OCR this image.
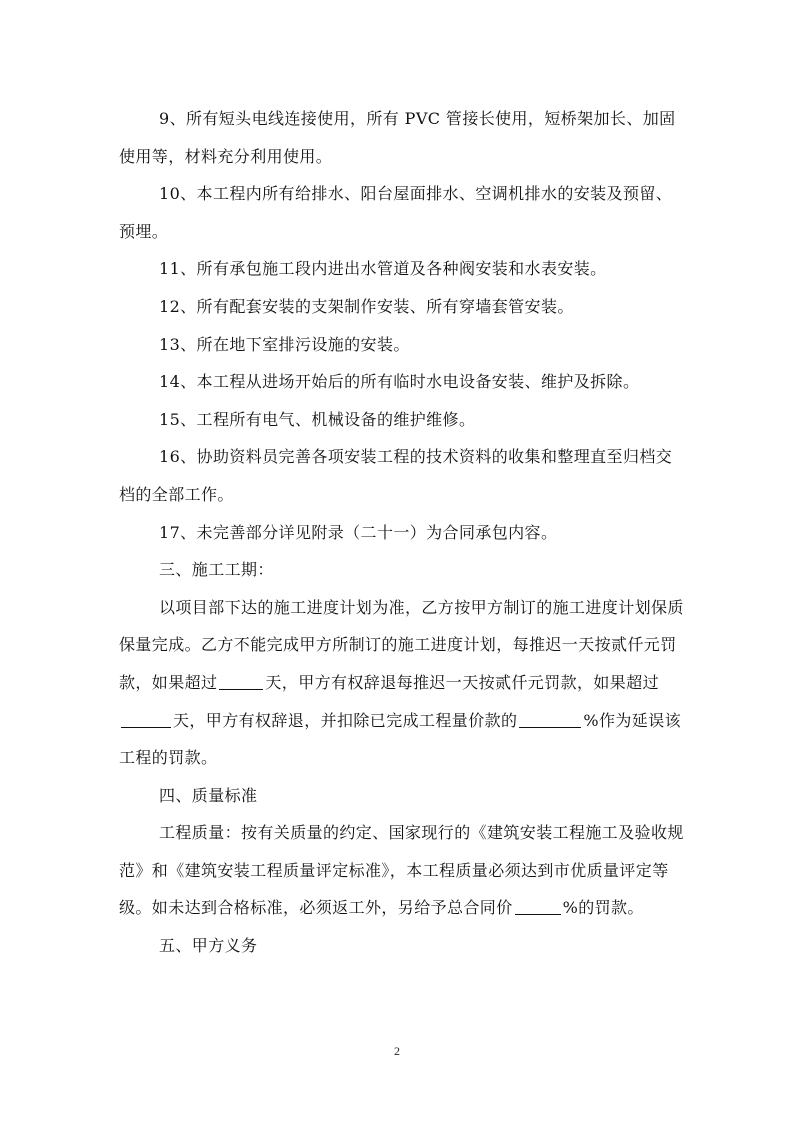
9、所有短头电线连接使用，所有 PVC 管接长使用，短桥架加长、加固使用等，材料充分利用使用。

10、本工程内所有给排水、阳台屋面排水、空调机排水的安装及预留、预埋。

11、所有承包施工段内进出水管道及各种阀安装和水表安装。

12、所有配套安装的支架制作安装、所有穿墙套管安装。

13、所在地下室排污设施的安装。

14、本工程从进场开始后的所有临时水电设备安装、维护及拆除。

15、工程所有电气、机械设备的维护维修。

16、协助资料员完善各项安装工程的技术资料的收集和整理直至归档交档的全部工作。

17、未完善部分详见附录（二十一）为合同承包内容。

三、施工工期：

以项目部下达的施工进度计划为准，乙方按甲方制订的施工进度计划保质保量完成。乙方不能完成甲方所制订的施工进度计划，每推迟一天按贰仟元罚款，如果超过	天，甲方有权辞退每推迟一天按贰仟元罚款，如果超过天，甲方有权辞退，并扣除已完成工程量价款的	%作为延误该工程的罚款。

四、质量标准

工程质量：按有关质量的约定、国家现行的《建筑安装工程施工及验收规范》和《建筑安装工程质量评定标准》，本工程质量必须达到市优质量评定等级。如未达到合格标准，必须返工外，另给予总合同价	%的罚款。

五、甲方义务

2
